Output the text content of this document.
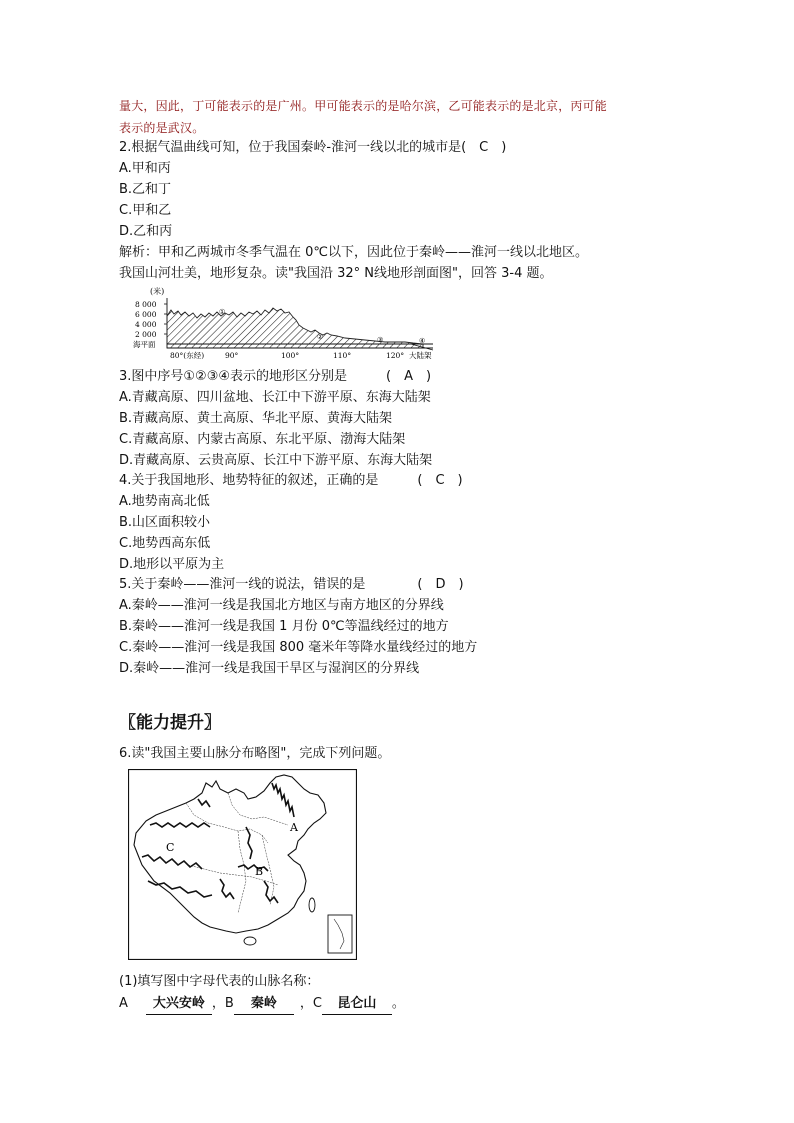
量大，因此，丁可能表示的是广州。甲可能表示的是哈尔滨，乙可能表示的是北京，丙可能
表示的是武汉。
2.根据气温曲线可知，位于我国秦岭-淮河一线以北的城市是(　C　)
A.甲和丙
B.乙和丁
C.甲和乙
D.乙和丙
解析：甲和乙两城市冬季气温在 0℃以下，因此位于秦岭——淮河一线以北地区。
我国山河壮美，地形复杂。读"我国沿 32° N线地形剖面图"，回答 3-4 题。
(米)
8 000
6 000
4 000
2 000
海平面
①
②	③	④
80°(东经)	90°	100°	110°	120° 大陆架
3.图中序号①②③④表示的地形区分别是　　　(　A　)
A.青藏高原、四川盆地、长江中下游平原、东海大陆架
B.青藏高原、黄土高原、华北平原、黄海大陆架
C.青藏高原、内蒙古高原、东北平原、渤海大陆架
D.青藏高原、云贵高原、长江中下游平原、东海大陆架
4.关于我国地形、地势特征的叙述，正确的是　　　(　C　)
A.地势南高北低
B.山区面积较小
C.地势西高东低
D.地形以平原为主
5.关于秦岭——淮河一线的说法，错误的是　　　　(　D　)
A.秦岭——淮河一线是我国北方地区与南方地区的分界线
B.秦岭——淮河一线是我国 1 月份 0℃等温线经过的地方
C.秦岭——淮河一线是我国 800 毫米年等降水量线经过的地方
D.秦岭——淮河一线是我国干旱区与湿润区的分界线
〖能力提升〗
6.读"我国主要山脉分布略图"，完成下列问题。
A
B
C
(1)填写图中字母代表的山脉名称：
A 大兴安岭 ，B 秦岭 ，C 昆仑山 。
